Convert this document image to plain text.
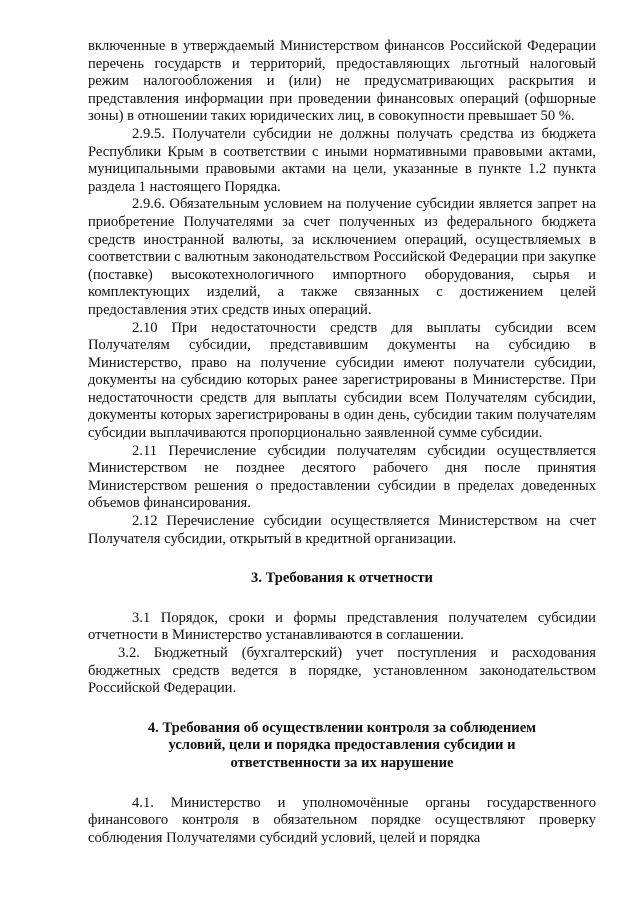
включенные в утверждаемый Министерством финансов Российской Федерации перечень государств и территорий, предоставляющих льготный налоговый режим налогообложения и (или) не предусматривающих раскрытия и представления информации при проведении финансовых операций (офшорные зоны) в отношении таких юридических лиц, в совокупности превышает 50 %.

2.9.5. Получатели субсидии не должны получать средства из бюджета Республики Крым в соответствии с иными нормативными правовыми актами, муниципальными правовыми актами на цели, указанные в пункте 1.2 пункта раздела 1 настоящего Порядка.

2.9.6. Обязательным условием на получение субсидии является запрет на приобретение Получателями за счет полученных из федерального бюджета средств иностранной валюты, за исключением операций, осуществляемых в соответствии с валютным законодательством Российской Федерации при закупке (поставке) высокотехнологичного импортного оборудования, сырья и комплектующих изделий, а также связанных с достижением целей предоставления этих средств иных операций.

2.10 При недостаточности средств для выплаты субсидии всем Получателям субсидии, представившим документы на субсидию в Министерство, право на получение субсидии имеют получатели субсидии, документы на субсидию которых ранее зарегистрированы в Министерстве. При недостаточности средств для выплаты субсидии всем Получателям субсидии, документы которых зарегистрированы в один день, субсидии таким получателям субсидии выплачиваются пропорционально заявленной сумме субсидии.

2.11 Перечисление субсидии получателям субсидии осуществляется Министерством не позднее десятого рабочего дня после принятия Министерством решения о предоставлении субсидии в пределах доведенных объемов финансирования.

2.12 Перечисление субсидии осуществляется Министерством на счет Получателя субсидии, открытый в кредитной организации.

3. Требования к отчетности

3.1 Порядок, сроки и формы представления получателем субсидии отчетности в Министерство устанавливаются в соглашении.

3.2. Бюджетный (бухгалтерский) учет поступления и расходования бюджетных средств ведется в порядке, установленном законодательством Российской Федерации.

4. Требования об осуществлении контроля за соблюдением

условий, цели и порядка предоставления субсидии и

ответственности за их нарушение

4.1. Министерство и уполномочённые органы государственного финансового контроля в обязательном порядке осуществляют проверку соблюдения Получателями субсидий условий, целей и порядка
